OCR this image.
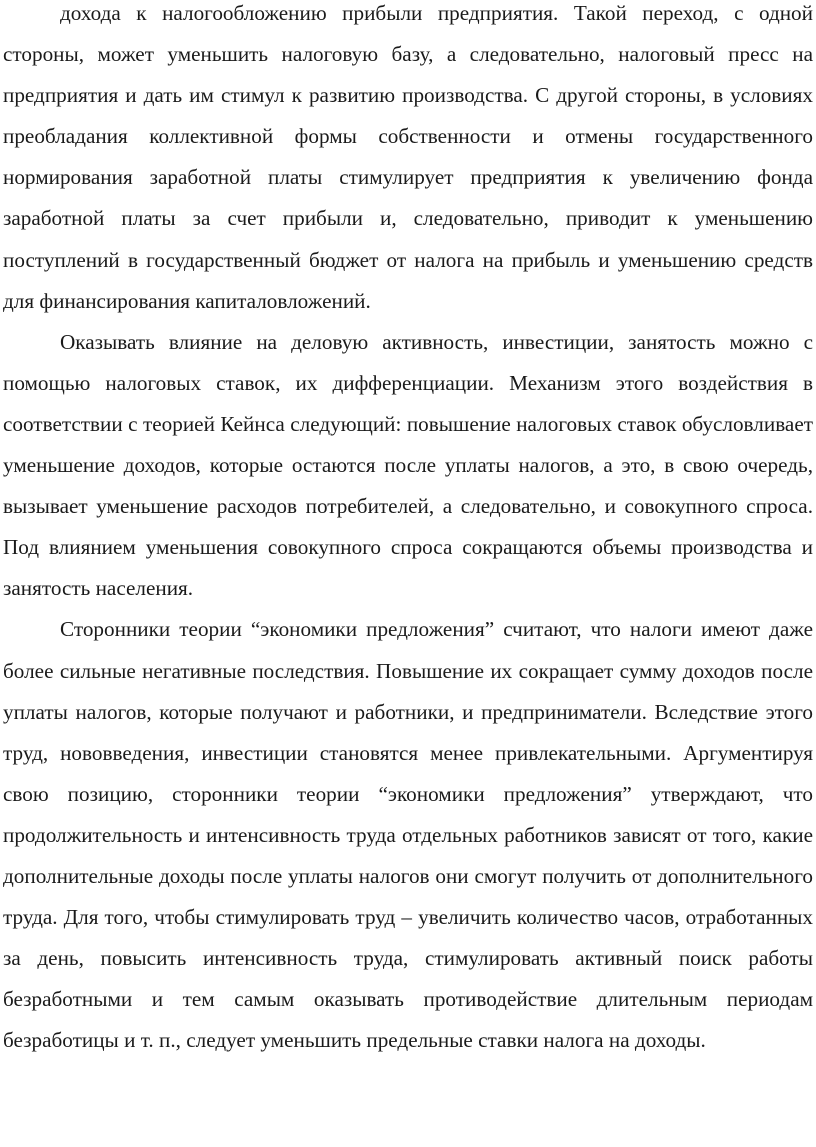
дохода к налогообложению прибыли предприятия. Такой переход, с одной стороны, может уменьшить налоговую базу, а следовательно, налоговый пресс на предприятия и дать им стимул к развитию производства. С другой стороны, в условиях преобладания коллективной формы собственности и отмены государственного нормирования заработной платы стимулирует предприятия к увеличению фонда заработной платы за счет прибыли и, следовательно, приводит к уменьшению поступлений в государственный бюджет от налога на прибыль и уменьшению средств для финансирования капиталовложений.

Оказывать влияние на деловую активность, инвестиции, занятость можно с помощью налоговых ставок, их дифференциации. Механизм этого воздействия в соответствии с теорией Кейнса следующий: повышение налоговых ставок обусловливает уменьшение доходов, которые остаются после уплаты налогов, а это, в свою очередь, вызывает уменьшение расходов потребителей, а следовательно, и совокупного спроса. Под влиянием уменьшения совокупного спроса сокращаются объемы производства и занятость населения.

Сторонники теории “экономики предложения” считают, что налоги имеют даже более сильные негативные последствия. Повышение их сокращает сумму доходов после уплаты налогов, которые получают и работники, и предприниматели. Вследствие этого труд, нововведения, инвестиции становятся менее привлекательными. Аргументируя свою позицию, сторонники теории “экономики предложения” утверждают, что продолжительность и интенсивность труда отдельных работников зависят от того, какие дополнительные доходы после уплаты налогов они смогут получить от дополнительного труда. Для того, чтобы стимулировать труд – увеличить количество часов, отработанных за день, повысить интенсивность труда, стимулировать активный поиск работы безработными и тем самым оказывать противодействие длительным периодам безработицы и т. п., следует уменьшить предельные ставки налога на доходы.
